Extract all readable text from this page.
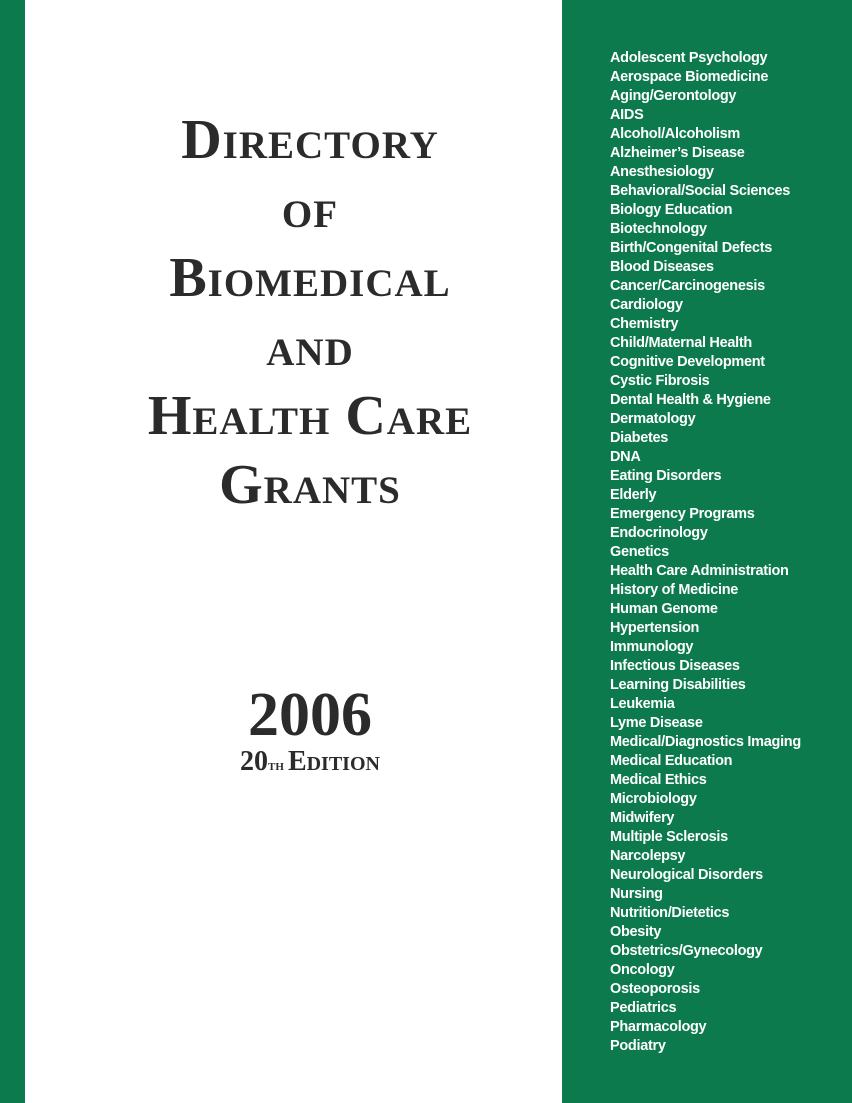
Directory
of
Biomedical
and
Health Care
Grants
2006
20th Edition
Adolescent Psychology
Aerospace Biomedicine
Aging/Gerontology
AIDS
Alcohol/Alcoholism
Alzheimer’s Disease
Anesthesiology
Behavioral/Social Sciences
Biology Education
Biotechnology
Birth/Congenital Defects
Blood Diseases
Cancer/Carcinogenesis
Cardiology
Chemistry
Child/Maternal Health
Cognitive Development
Cystic Fibrosis
Dental Health & Hygiene
Dermatology
Diabetes
DNA
Eating Disorders
Elderly
Emergency Programs
Endocrinology
Genetics
Health Care Administration
History of Medicine
Human Genome
Hypertension
Immunology
Infectious Diseases
Learning Disabilities
Leukemia
Lyme Disease
Medical/Diagnostics Imaging
Medical Education
Medical Ethics
Microbiology
Midwifery
Multiple Sclerosis
Narcolepsy
Neurological Disorders
Nursing
Nutrition/Dietetics
Obesity
Obstetrics/Gynecology
Oncology
Osteoporosis
Pediatrics
Pharmacology
Podiatry
